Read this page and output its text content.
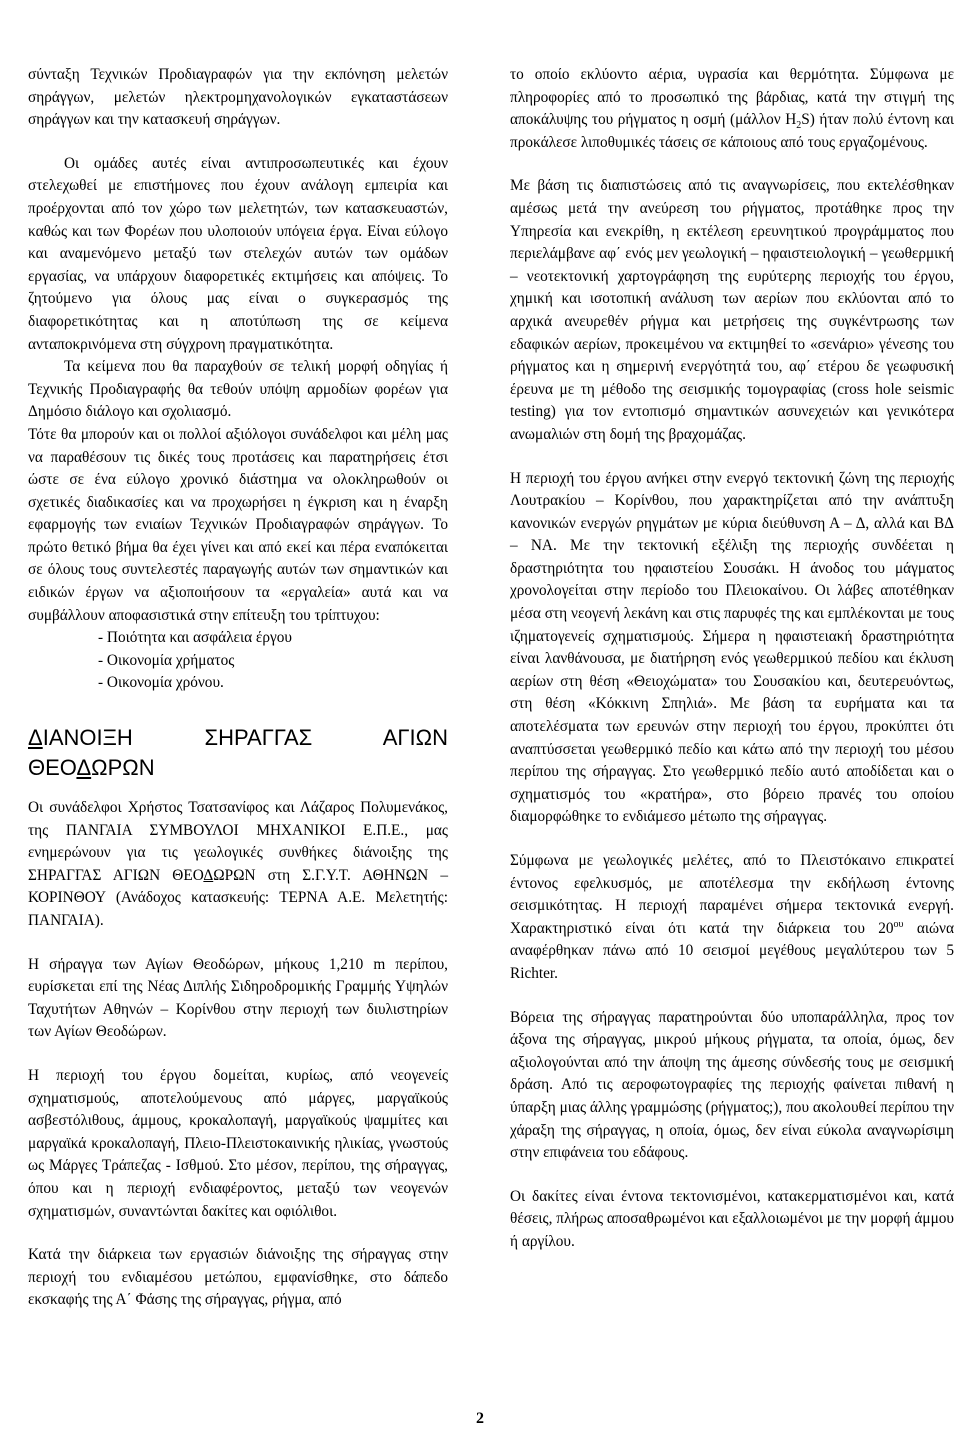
σύνταξη Τεχνικών Προδιαγραφών για την εκπόνηση μελετών σηράγγων, μελετών ηλεκτρομηχανολογικών εγκαταστάσεων σηράγγων και την κατασκευή σηράγγων.

Οι ομάδες αυτές είναι αντιπροσωπευτικές και έχουν στελεχωθεί με επιστήμονες που έχουν ανάλογη εμπειρία και προέρχονται από τον χώρο των μελετητών, των κατασκευαστών, καθώς και των Φορέων που υλοποιούν υπόγεια έργα. Είναι εύλογο και αναμενόμενο μεταξύ των στελεχών αυτών των ομάδων εργασίας, να υπάρχουν διαφορετικές εκτιμήσεις και απόψεις. Το ζητούμενο για όλους μας είναι ο συγκερασμός της διαφορετικότητας και η αποτύπωση της σε κείμενα ανταποκρινόμενα στη σύγχρονη πραγματικότητα.

Τα κείμενα που θα παραχθούν σε τελική μορφή οδηγίας ή Τεχνικής Προδιαγραφής θα τεθούν υπόψη αρμοδίων φορέων για Δημόσιο διάλογο και σχολιασμό.

Τότε θα μπορούν και οι πολλοί αξιόλογοι συνάδελφοι και μέλη μας να παραθέσουν τις δικές τους προτάσεις και παρατηρήσεις έτσι ώστε σε ένα εύλογο χρονικό διάστημα να ολοκληρωθούν οι σχετικές διαδικασίες και να προχωρήσει η έγκριση και η έναρξη εφαρμογής των ενιαίων Τεχνικών Προδιαγραφών σηράγγων. Το πρώτο θετικό βήμα θα έχει γίνει και από εκεί και πέρα εναπόκειται σε όλους τους συντελεστές παραγωγής αυτών των σημαντικών και ειδικών έργων να αξιοποιήσουν τα «εργαλεία» αυτά και να συμβάλλουν αποφασιστικά στην επίτευξη του τρίπτυχου:

- Ποιότητα και ασφάλεια έργου

- Οικονομία χρήματος

- Οικονομία χρόνου.

ΔΙΑΝΟΙΞΗ ΣΗΡΑΓΓΑΣ ΑΓΙΩΝ ΘΕΟΔΩΡΩΝ

Οι συνάδελφοι Χρήστος Τσατσανίφος και Λάζαρος Πολυμενάκος, της ΠΑΝΓΑΙΑ ΣΥΜΒΟΥΛΟΙ ΜΗΧΑΝΙΚΟΙ Ε.Π.Ε., μας ενημερώνουν για τις γεωλογικές συνθήκες διάνοιξης της ΣΗΡΑΓΓΑΣ ΑΓΙΩΝ ΘΕΟΔΩΡΩΝ στη Σ.Γ.Υ.Τ. ΑΘΗΝΩΝ – ΚΟΡΙΝΘΟΥ (Ανάδοχος κατασκευής: ΤΕΡΝΑ Α.Ε. Μελετητής: ΠΑΝΓΑΙΑ).

Η σήραγγα των Αγίων Θεοδώρων, μήκους 1,210 m περίπου, ευρίσκεται επί της Νέας Διπλής Σιδηροδρομικής Γραμμής Υψηλών Ταχυτήτων Αθηνών – Κορίνθου στην περιοχή των διυλιστηρίων των Αγίων Θεοδώρων.

Η περιοχή του έργου δομείται, κυρίως, από νεογενείς σχηματισμούς, αποτελούμενους από μάργες, μαργαϊκούς ασβεστόλιθους, άμμους, κροκαλοπαγή, μαργαϊκούς ψαμμίτες και μαργαϊκά κροκαλοπαγή, Πλειο-Πλειστοκαινικής ηλικίας, γνωστούς ως Μάργες Τράπεζας - Ισθμού. Στο μέσον, περίπου, της σήραγγας, όπου και η περιοχή ενδιαφέροντος, μεταξύ των νεογενών σχηματισμών, συναντώνται δακίτες και οφιόλιθοι.

Κατά την διάρκεια των εργασιών διάνοιξης της σήραγγας στην περιοχή του ενδιαμέσου μετώπου, εμφανίσθηκε, στο δάπεδο εκσκαφής της Α΄ Φάσης της σήραγγας, ρήγμα, από

το οποίο εκλύοντο αέρια, υγρασία και θερμότητα. Σύμφωνα με πληροφορίες από το προσωπικό της βάρδιας, κατά την στιγμή της αποκάλυψης του ρήγματος η οσμή (μάλλον $H_2S$) ήταν πολύ έντονη και προκάλεσε λιποθυμικές τάσεις σε κάποιους από τους εργαζομένους.

Με βάση τις διαπιστώσεις από τις αναγνωρίσεις, που εκτελέσθηκαν αμέσως μετά την ανεύρεση του ρήγματος, προτάθηκε προς την Υπηρεσία και ενεκρίθη, η εκτέλεση ερευνητικού προγράμματος που περιελάμβανε αφ΄ ενός μεν γεωλογική – ηφαιστειολογική – γεωθερμική – νεοτεκτονική χαρτογράφηση της ευρύτερης περιοχής του έργου, χημική και ισοτοπική ανάλυση των αερίων που εκλύονται από το αρχικά ανευρεθέν ρήγμα και μετρήσεις της συγκέντρωσης των εδαφικών αερίων, προκειμένου να εκτιμηθεί το «σενάριο» γένεσης του ρήγματος και η σημερινή ενεργότητά του, αφ΄ ετέρου δε γεωφυσική έρευνα με τη μέθοδο της σεισμικής τομογραφίας (cross hole seismic testing) για τον εντοπισμό σημαντικών ασυνεχειών και γενικότερα ανωμαλιών στη δομή της βραχομάζας.

Η περιοχή του έργου ανήκει στην ενεργό τεκτονική ζώνη της περιοχής Λουτρακίου – Κορίνθου, που χαρακτηρίζεται από την ανάπτυξη κανονικών ενεργών ρηγμάτων με κύρια διεύθυνση Α – Δ, αλλά και ΒΔ – ΝΑ. Με την τεκτονική εξέλιξη της περιοχής συνδέεται η δραστηριότητα του ηφαιστείου Σουσάκι. Η άνοδος του μάγματος χρονολογείται στην περίοδο του Πλειοκαίνου. Οι λάβες αποτέθηκαν μέσα στη νεογενή λεκάνη και στις παρυφές της και εμπλέκονται με τους ιζηματογενείς σχηματισμούς. Σήμερα η ηφαιστειακή δραστηριότητα είναι λανθάνουσα, με διατήρηση ενός γεωθερμικού πεδίου και έκλυση αερίων στη θέση «Θειοχώματα» του Σουσακίου και, δευτερευόντως, στη θέση «Κόκκινη Σπηλιά». Με βάση τα ευρήματα και τα αποτελέσματα των ερευνών στην περιοχή του έργου, προκύπτει ότι αναπτύσσεται γεωθερμικό πεδίο και κάτω από την περιοχή του μέσου περίπου της σήραγγας. Στο γεωθερμικό πεδίο αυτό αποδίδεται και ο σχηματισμός του «κρατήρα», στο βόρειο πρανές του οποίου διαμορφώθηκε το ενδιάμεσο μέτωπο της σήραγγας.

Σύμφωνα με γεωλογικές μελέτες, από το Πλειστόκαινο επικρατεί έντονος εφελκυσμός, με αποτέλεσμα την εκδήλωση έντονης σεισμικότητας. Η περιοχή παραμένει σήμερα τεκτονικά ενεργή. Χαρακτηριστικό είναι ότι κατά την διάρκεια του $20^{o\upsilon}$ αιώνα αναφέρθηκαν πάνω από 10 σεισμοί μεγέθους μεγαλύτερου των 5 Richter.

Βόρεια της σήραγγας παρατηρούνται δύο υποπαράλληλα, προς τον άξονα της σήραγγας, μικρού μήκους ρήγματα, τα οποία, όμως, δεν αξιολογούνται από την άποψη της άμεσης σύνδεσής τους με σεισμική δράση. Από τις αεροφωτογραφίες της περιοχής φαίνεται πιθανή η ύπαρξη μιας άλλης γραμμώσης (ρήγματος;), που ακολουθεί περίπου την χάραξη της σήραγγας, η οποία, όμως, δεν είναι εύκολα αναγνωρίσιμη στην επιφάνεια του εδάφους.

Οι δακίτες είναι έντονα τεκτονισμένοι, κατακερματισμένοι και, κατά θέσεις, πλήρως αποσαθρωμένοι και εξαλλοιωμένοι με την μορφή άμμου ή αργίλου.

2
